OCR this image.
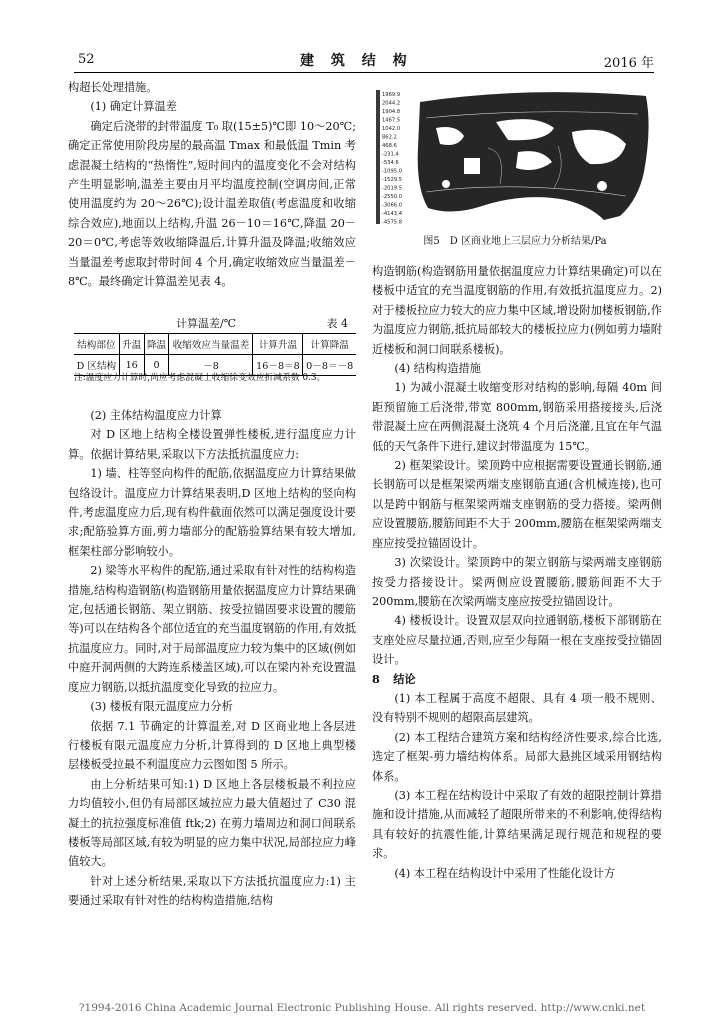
52	建 筑 结 构	2016 年

构超长处理措施。

(1) 确定计算温差

确定后浇带的封带温度 T₀ 取(15±5)℃即 10～20℃;确定正常使用阶段房屋的最高温 Tmax 和最低温 Tmin 考虑混凝土结构的“热惰性”,短时间内的温度变化不会对结构产生明显影响,温差主要由月平均温度控制(空调房间,正常使用温度约为 20～26℃);设计温差取值(考虑温度和收缩综合效应),地面以上结构,升温 26－10＝16℃,降温 20－20＝0℃,考虑等效收缩降温后,计算升温及降温;收缩效应当量温差考虑取封带时间 4 个月,确定收缩效应当量温差－8℃。最终确定计算温差见表 4。

计算温差/℃	表 4
结构部位	升温	降温	收缩效应当量温差	计算升温	计算降温
D 区结构	16	0	－8	16－8＝8	0－8＝－8
注:温度应力计算时,尚应考虑混凝土收缩徐变效应折减系数 0.3。

(2) 主体结构温度应力计算

对 D 区地上结构全楼设置弹性楼板,进行温度应力计算。依据计算结果,采取以下方法抵抗温度应力:

1) 墙、柱等竖向构件的配筋,依据温度应力计算结果做包络设计。温度应力计算结果表明,D 区地上结构的竖向构件,考虑温度应力后,现有构件截面依然可以满足强度设计要求;配筋验算方面,剪力墙部分的配筋验算结果有较大增加,框架柱部分影响较小。

2) 梁等水平构件的配筋,通过采取有针对性的结构构造措施,结构构造钢筋(构造钢筋用量依据温度应力计算结果确定,包括通长钢筋、架立钢筋、按受拉锚固要求设置的腰筋等)可以在结构各个部位适宜的充当温度钢筋的作用,有效抵抗温度应力。同时,对于局部温度应力较为集中的区域(例如中庭开洞两侧的大跨连系楼盖区域),可以在梁内补充设置温度应力钢筋,以抵抗温度变化导致的拉应力。

(3) 楼板有限元温度应力分析

依据 7.1 节确定的计算温差,对 D 区商业地上各层进行楼板有限元温度应力分析,计算得到的 D 区地上典型楼层楼板受拉最不利温度应力云图如图 5 所示。

由上分析结果可知:1) D 区地上各层楼板最不利拉应力均值较小,但仍有局部区域拉应力最大值超过了 C30 混凝土的抗拉强度标准值 ftk;2) 在剪力墙周边和洞口间联系楼板等局部区域,有较为明显的应力集中状况,局部拉应力峰值较大。

针对上述分析结果,采取以下方法抵抗温度应力:1) 主要通过采取有针对性的结构构造措施,结构

1969.9
2044.2
1904.8
1467.5
1042.0
862.2
468.6
-231.4
-534.6
-1095.0
-1529.5
-2019.5
-2550.0
-3066.0
-4143.4
-4575.8
图5　D 区商业地上三层应力分析结果/Pa

构造钢筋(构造钢筋用量依据温度应力计算结果确定)可以在楼板中适宜的充当温度钢筋的作用,有效抵抗温度应力。2) 对于楼板拉应力较大的应力集中区域,增设附加楼板钢筋,作为温度应力钢筋,抵抗局部较大的楼板拉应力(例如剪力墙附近楼板和洞口间联系楼板)。

(4) 结构构造措施

1) 为减小混凝土收缩变形对结构的影响,每隔 40m 间距预留施工后浇带,带宽 800mm,钢筋采用搭接接头,后浇带混凝土应在两侧混凝土浇筑 4 个月后浇灌,且宜在年气温低的天气条件下进行,建议封带温度为 15℃。

2) 框架梁设计。梁顶跨中应根据需要设置通长钢筋,通长钢筋可以是框架梁两端支座钢筋直通(含机械连接),也可以是跨中钢筋与框架梁两端支座钢筋的受力搭接。梁两侧应设置腰筋,腰筋间距不大于 200mm,腰筋在框架梁两端支座应按受拉锚固设计。

3) 次梁设计。梁顶跨中的架立钢筋与梁两端支座钢筋按受力搭接设计。梁两侧应设置腰筋,腰筋间距不大于 200mm,腰筋在次梁两端支座应按受拉锚固设计。

4) 楼板设计。设置双层双向拉通钢筋,楼板下部钢筋在支座处应尽量拉通,否则,应至少每隔一根在支座按受拉锚固设计。

8 结论

(1) 本工程属于高度不超限、具有 4 项一般不规则、没有特别不规则的超限高层建筑。

(2) 本工程结合建筑方案和结构经济性要求,综合比选,选定了框架-剪力墙结构体系。局部大悬挑区域采用钢结构体系。

(3) 本工程在结构设计中采取了有效的超限控制计算措施和设计措施,从而减轻了超限所带来的不利影响,使得结构具有较好的抗震性能,计算结果满足现行规范和规程的要求。

(4) 本工程在结构设计中采用了性能化设计方

?1994-2016 China Academic Journal Electronic Publishing House. All rights reserved. http://www.cnki.net
